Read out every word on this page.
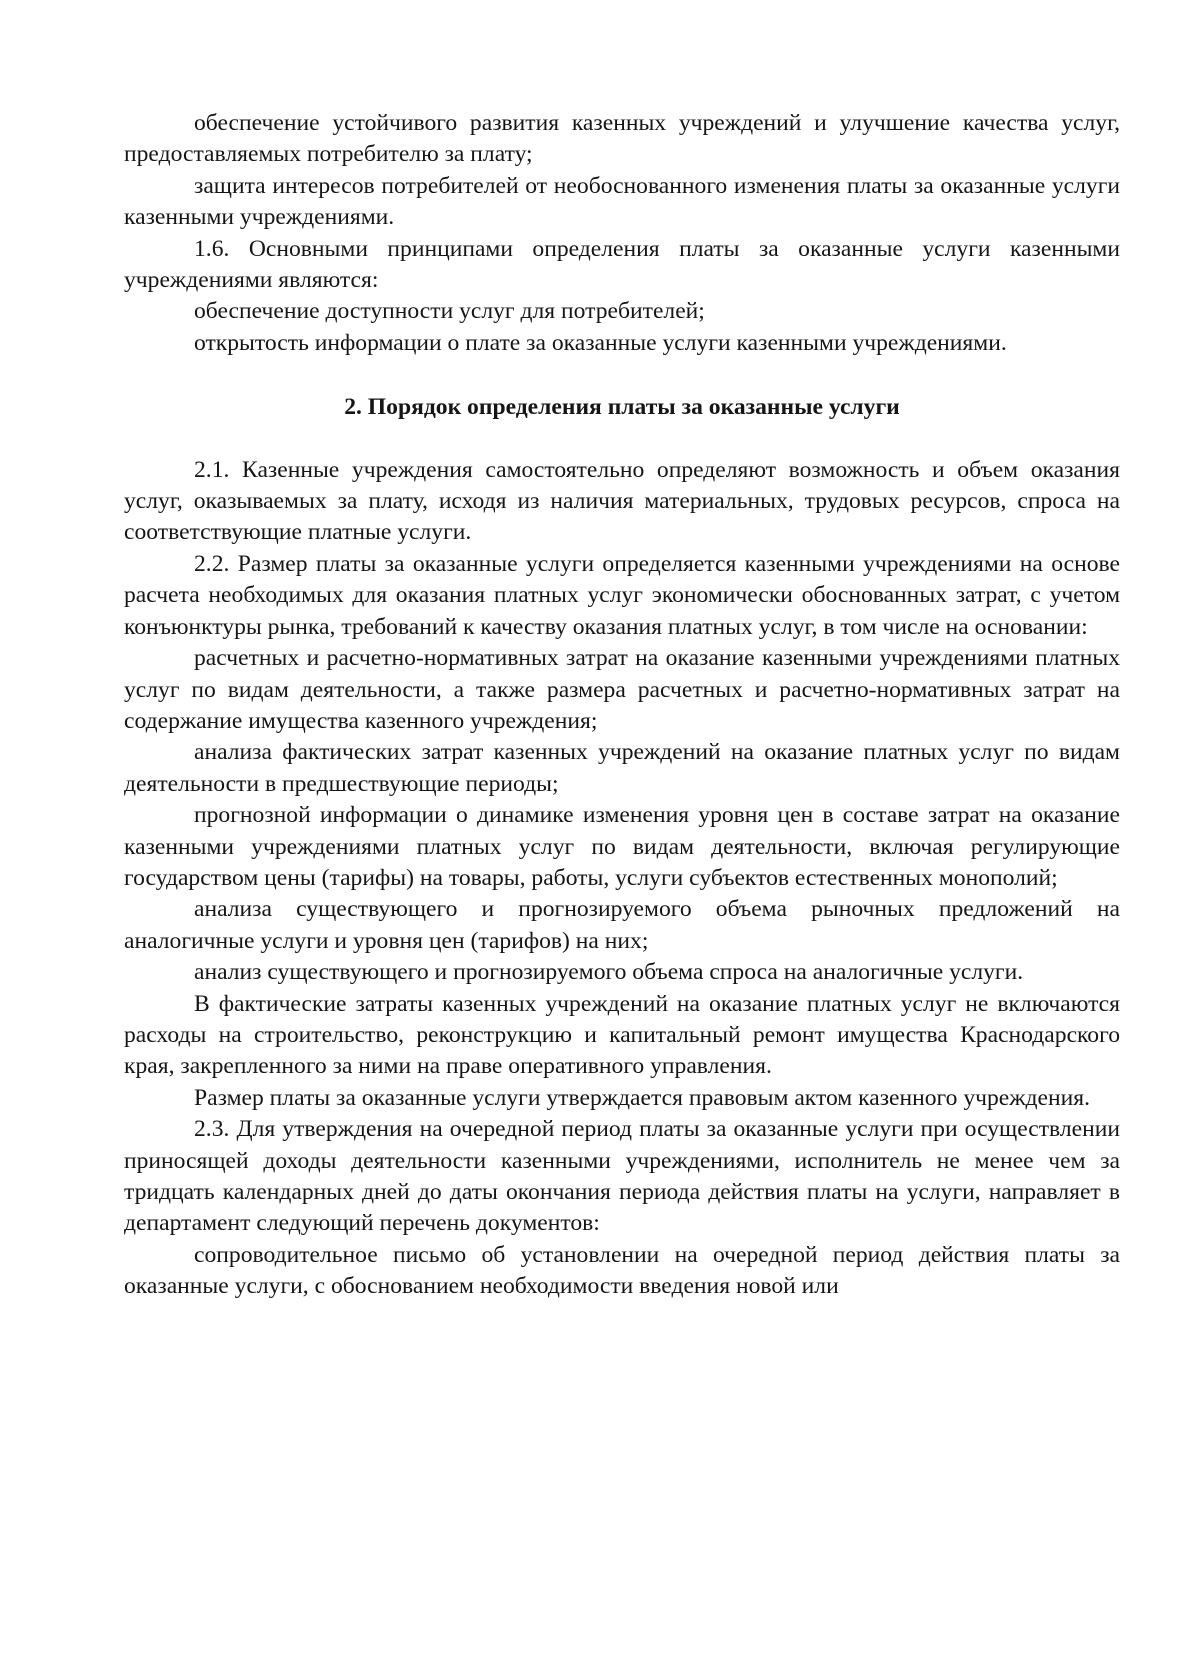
обеспечение устойчивого развития казенных учреждений и улучшение качества услуг, предоставляемых потребителю за плату;

защита интересов потребителей от необоснованного изменения платы за оказанные услуги казенными учреждениями.

1.6. Основными принципами определения платы за оказанные услуги казенными учреждениями являются:

обеспечение доступности услуг для потребителей;

открытость информации о плате за оказанные услуги казенными учреждениями.

2. Порядок определения платы за оказанные услуги

2.1. Казенные учреждения самостоятельно определяют возможность и объем оказания услуг, оказываемых за плату, исходя из наличия материальных, трудовых ресурсов, спроса на соответствующие платные услуги.

2.2. Размер платы за оказанные услуги определяется казенными учреждениями на основе расчета необходимых для оказания платных услуг экономически обоснованных затрат, с учетом конъюнктуры рынка, требований к качеству оказания платных услуг, в том числе на основании:

расчетных и расчетно-нормативных затрат на оказание казенными учреждениями платных услуг по видам деятельности, а также размера расчетных и расчетно-нормативных затрат на содержание имущества казенного учреждения;

анализа фактических затрат казенных учреждений на оказание платных услуг по видам деятельности в предшествующие периоды;

прогнозной информации о динамике изменения уровня цен в составе затрат на оказание казенными учреждениями платных услуг по видам деятельности, включая регулирующие государством цены (тарифы) на товары, работы, услуги субъектов естественных монополий;

анализа существующего и прогнозируемого объема рыночных предложений на аналогичные услуги и уровня цен (тарифов) на них;

анализ существующего и прогнозируемого объема спроса на аналогичные услуги.

В фактические затраты казенных учреждений на оказание платных услуг не включаются расходы на строительство, реконструкцию и капитальный ремонт имущества Краснодарского края, закрепленного за ними на праве оперативного управления.

Размер платы за оказанные услуги утверждается правовым актом казенного учреждения.

2.3. Для утверждения на очередной период платы за оказанные услуги при осуществлении приносящей доходы деятельности казенными учреждениями, исполнитель не менее чем за тридцать календарных дней до даты окончания периода действия платы на услуги, направляет в департамент следующий перечень документов:

сопроводительное письмо об установлении на очередной период действия платы за оказанные услуги, с обоснованием необходимости введения новой или
